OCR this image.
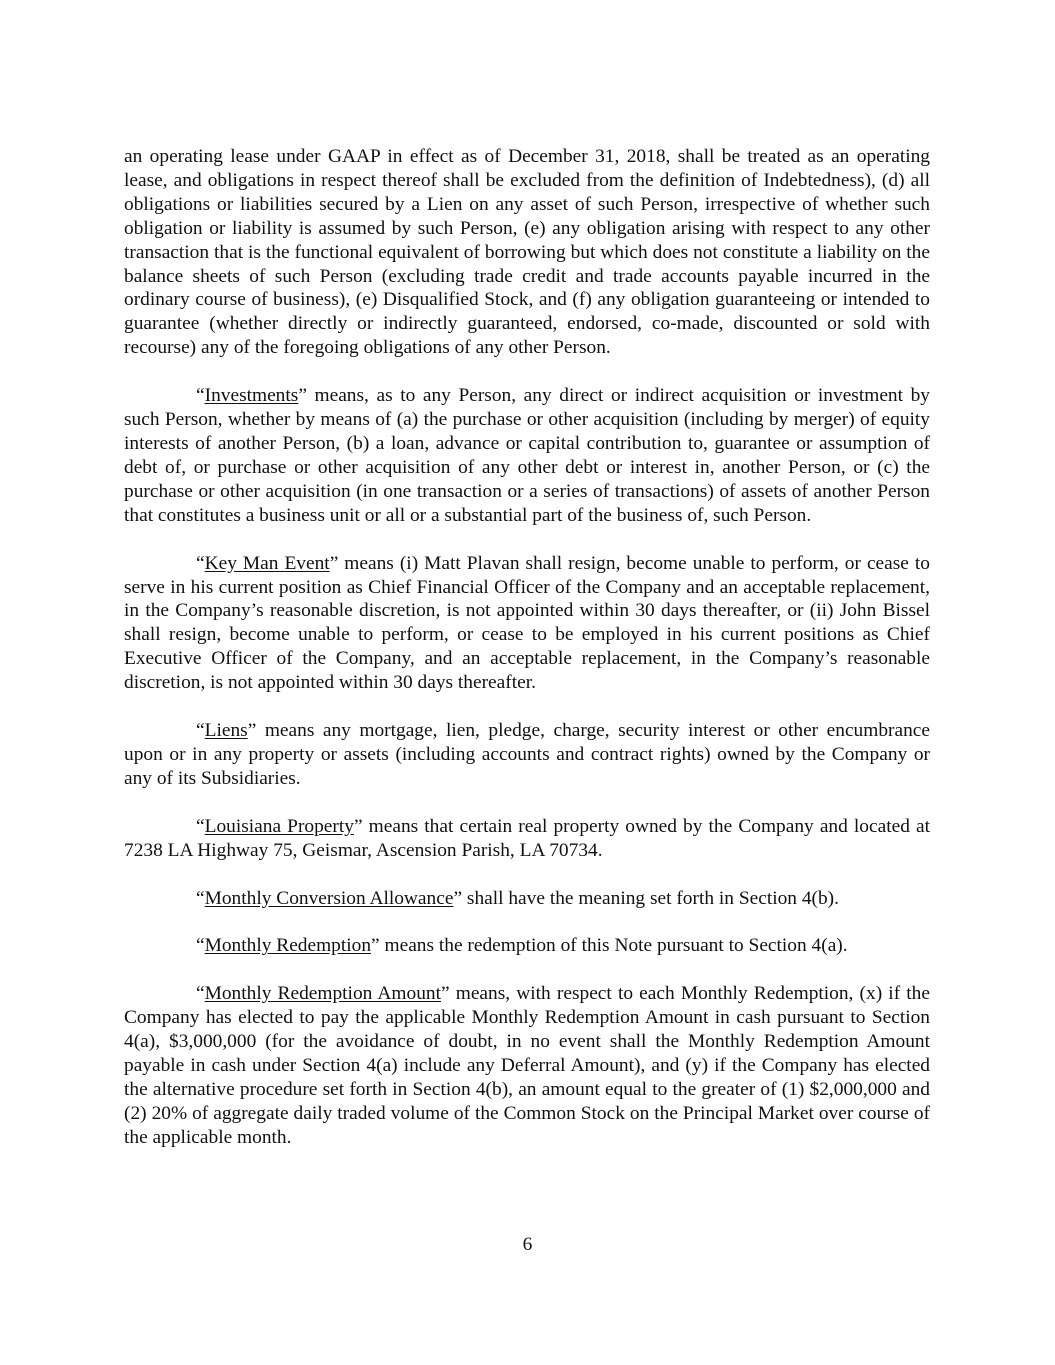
an operating lease under GAAP in effect as of December 31, 2018, shall be treated as an operating lease, and obligations in respect thereof shall be excluded from the definition of Indebtedness), (d) all obligations or liabilities secured by a Lien on any asset of such Person, irrespective of whether such obligation or liability is assumed by such Person, (e) any obligation arising with respect to any other transaction that is the functional equivalent of borrowing but which does not constitute a liability on the balance sheets of such Person (excluding trade credit and trade accounts payable incurred in the ordinary course of business), (e) Disqualified Stock, and (f) any obligation guaranteeing or intended to guarantee (whether directly or indirectly guaranteed, endorsed, co-made, discounted or sold with recourse) any of the foregoing obligations of any other Person.

“Investments” means, as to any Person, any direct or indirect acquisition or investment by such Person, whether by means of (a) the purchase or other acquisition (including by merger) of equity interests of another Person, (b) a loan, advance or capital contribution to, guarantee or assumption of debt of, or purchase or other acquisition of any other debt or interest in, another Person, or (c) the purchase or other acquisition (in one transaction or a series of transactions) of assets of another Person that constitutes a business unit or all or a substantial part of the business of, such Person.

“Key Man Event” means (i) Matt Plavan shall resign, become unable to perform, or cease to serve in his current position as Chief Financial Officer of the Company and an acceptable replacement, in the Company’s reasonable discretion, is not appointed within 30 days thereafter, or (ii) John Bissel shall resign, become unable to perform, or cease to be employed in his current positions as Chief Executive Officer of the Company, and an acceptable replacement, in the Company’s reasonable discretion, is not appointed within 30 days thereafter.

“Liens” means any mortgage, lien, pledge, charge, security interest or other encumbrance upon or in any property or assets (including accounts and contract rights) owned by the Company or any of its Subsidiaries.

“Louisiana Property” means that certain real property owned by the Company and located at 7238 LA Highway 75, Geismar, Ascension Parish, LA 70734.

“Monthly Conversion Allowance” shall have the meaning set forth in Section 4(b).

“Monthly Redemption” means the redemption of this Note pursuant to Section 4(a).

“Monthly Redemption Amount” means, with respect to each Monthly Redemption, (x) if the Company has elected to pay the applicable Monthly Redemption Amount in cash pursuant to Section 4(a), $3,000,000 (for the avoidance of doubt, in no event shall the Monthly Redemption Amount payable in cash under Section 4(a) include any Deferral Amount), and (y) if the Company has elected the alternative procedure set forth in Section 4(b), an amount equal to the greater of (1) $2,000,000 and (2) 20% of aggregate daily traded volume of the Common Stock on the Principal Market over course of the applicable month.

6
